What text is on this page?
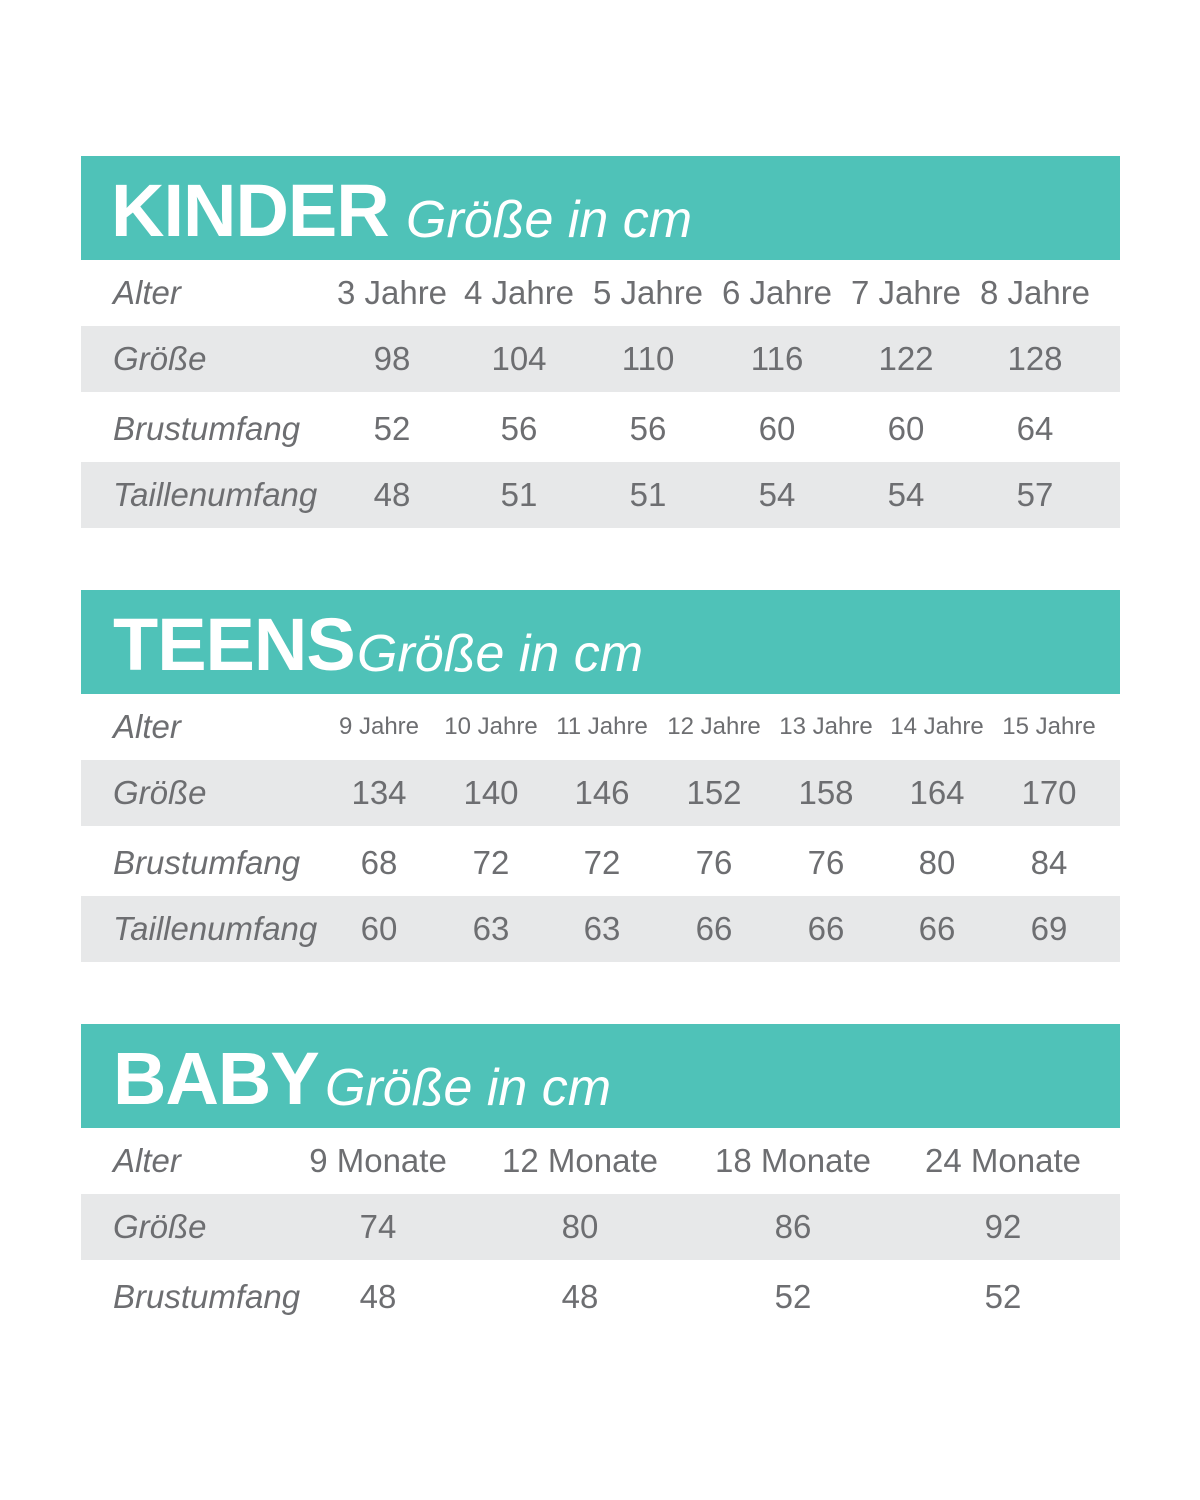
KINDER Größe in cm
Alter	3 Jahre 4 Jahre 5 Jahre 6 Jahre 7 Jahre 8 Jahre
Größe	98 104 110 116 122 128
Brustumfang 52	56	56	60	60	64
Taillenumfang 48	51	51	54	54	57
TEENS Größe in cm
Alter	9 Jahre 10 Jahre 11 Jahre 12 Jahre 13 Jahre 14 Jahre 15 Jahre
Größe	134 140 146 152 158 164 170
Brustumfang 68 72 72 76 76 80 84
Taillenumfang 60 63 63 66 66 66 69
BABY Größe in cm
Alter	9 Monate 12 Monate 18 Monate 24 Monate
Größe	74	80	86	92
Brustumfang 48	48	52	52
